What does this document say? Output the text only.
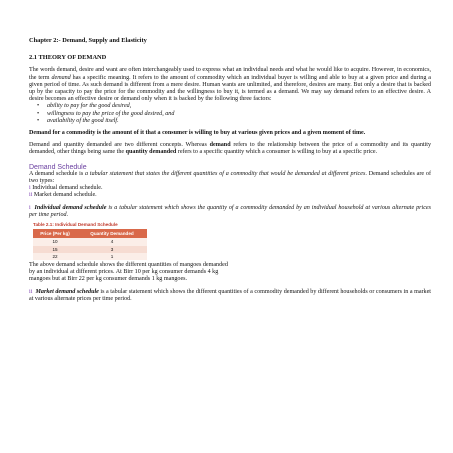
Chapter 2:- Demand, Supply and Elasticity
2.1 THEORY OF DEMAND

The words demand, desire and want are often interchangeably used to express what an individual needs and what he would like to acquire. However, in economics, the term demand has a specific meaning. It refers to the amount of commodity which an individual buyer is willing and able to buy at a given price and during a given period of time. As such demand is different from a mere desire. Human wants are unlimited, and therefore, desires are many. But only a desire that is backed up by the capacity to pay the price for the commodity and the willingness to buy it, is termed as a demand. We may say demand refers to an effective desire. A desire becomes an effective desire or demand only when it is backed by the following three factors:

• ability to pay for the good desired,
• willingness to pay the price of the good desired, and
• availability of the good itself.

Demand for a commodity is the amount of it that a consumer is willing to buy at various given prices and a given moment of time.

Demand and quantity demanded are two different concepts. Whereas demand refers to the relationship between the price of a commodity and its quantity demanded, other things being same the quantity demanded refers to a specific quantity which a consumer is willing to buy at a specific price.

Demand Schedule

A demand schedule is a tabular statement that states the different quantities of a commodity that would be demanded at different prices. Demand schedules are of two types:

i Individual demand schedule.
ii Market demand schedule.

i Individual demand schedule is a tabular statement which shows the quantity of a commodity demanded by an individual household at various alternate prices per time period.

Table 2.1: Individual Demand Schedule
Price (Per kg)	Quantity Demanded
10	4
15	3
22	1
The above demand schedule shows the different quantities of mangoes demanded
by an individual at different prices. At Birr 10 per kg consumer demands 4 kg
mangoes but at Birr 22 per kg consumer demands 1 kg mangoes.

ii Market demand schedule is a tabular statement which shows the different quantities of a commodity demanded by different households or consumers in a market at various alternate prices per time period.
